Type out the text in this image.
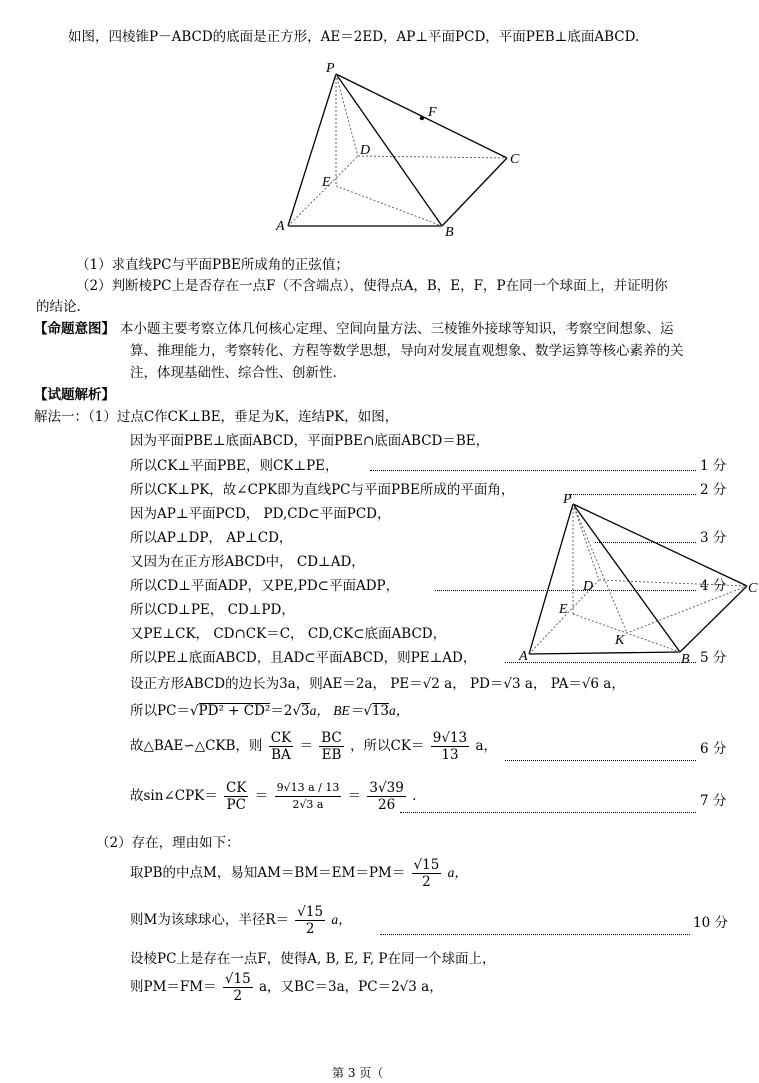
如图，四棱锥P－ABCD的底面是正方形，AE＝2ED，AP⊥平面PCD，平面PEB⊥底面ABCD.
P
F
D
C
E
A	B
（1）求直线PC与平面PBE所成角的正弦值；
（2）判断棱PC上是否存在一点F（不含端点），使得点A，B，E，F，P在同一个球面上，并证明你
的结论.
【命题意图】 本小题主要考察立体几何核心定理、空间向量方法、三棱锥外接球等知识，考察空间想象、运
算、推理能力，考察转化、方程等数学思想，导向对发展直观想象、数学运算等核心素养的关
注，体现基础性、综合性、创新性.
【试题解析】
解法一：（1）过点C作CK⊥BE，垂足为K，连结PK，如图，
因为平面PBE⊥底面ABCD，平面PBE∩底面ABCD＝BE，
所以CK⊥平面PBE，则CK⊥PE，	1 分
所以CK⊥PK，故∠CPK即为直线PC与平面PBE所成的平面角，	2 分
因为AP⊥平面PCD， PD,CD⊂平面PCD，
所以AP⊥DP， AP⊥CD，	3 分
又因为在正方形ABCD中， CD⊥AD，
所以CD⊥平面ADP，又PE,PD⊂平面ADP，	4 分
所以CD⊥PE， CD⊥PD，
又PE⊥CK， CD∩CK＝C， CD,CK⊂底面ABCD，
所以PE⊥底面ABCD，且AD⊂平面ABCD，则PE⊥AD，	5 分
P
D	C
E
K
A	B
设正方形ABCD的边长为3a，则AE＝2a， PE＝√2 a， PD＝√3 a， PA＝√6 a，
所以PC＝√PD² + CD²＝2√3a， BE＝√13a，
故△BAE∽△CKB，则 $\frac{CK}{BA} = \frac{BC}{EB}$ ，所以$CK= \frac{9√13}{13}$ a，	6 分
故sin∠CPK＝ $\frac{CK}{PC} = \frac{9√13 a / 13}{2√3 a} = \frac{3√39}{26}$ .	7 分
（2）存在，理由如下：
取PB的中点M，易知$AM=BM=EM=PM= \frac{√15}{2}$ a，
则M为该球球心，半径$R= \frac{√15}{2}$ a，	10 分
设棱PC上是存在一点F，使得A, B, E, F, P在同一个球面上，
则$PM=FM= \frac{√15}{2}$ a，又BC＝3a，PC＝2√3 a，
第 3 页（
